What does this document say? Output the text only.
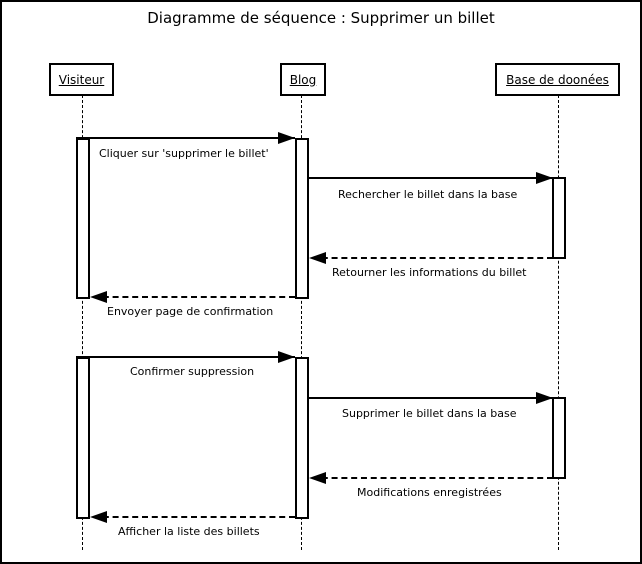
Diagramme de séquence : Supprimer un billet
Visiteur	Blog	Base de doonées
Cliquer sur 'supprimer le billet'
Rechercher le billet dans la base
Retourner les informations du billet
Envoyer page de confirmation
Confirmer suppression
Supprimer le billet dans la base
Modifications enregistrées
Afficher la liste des billets
